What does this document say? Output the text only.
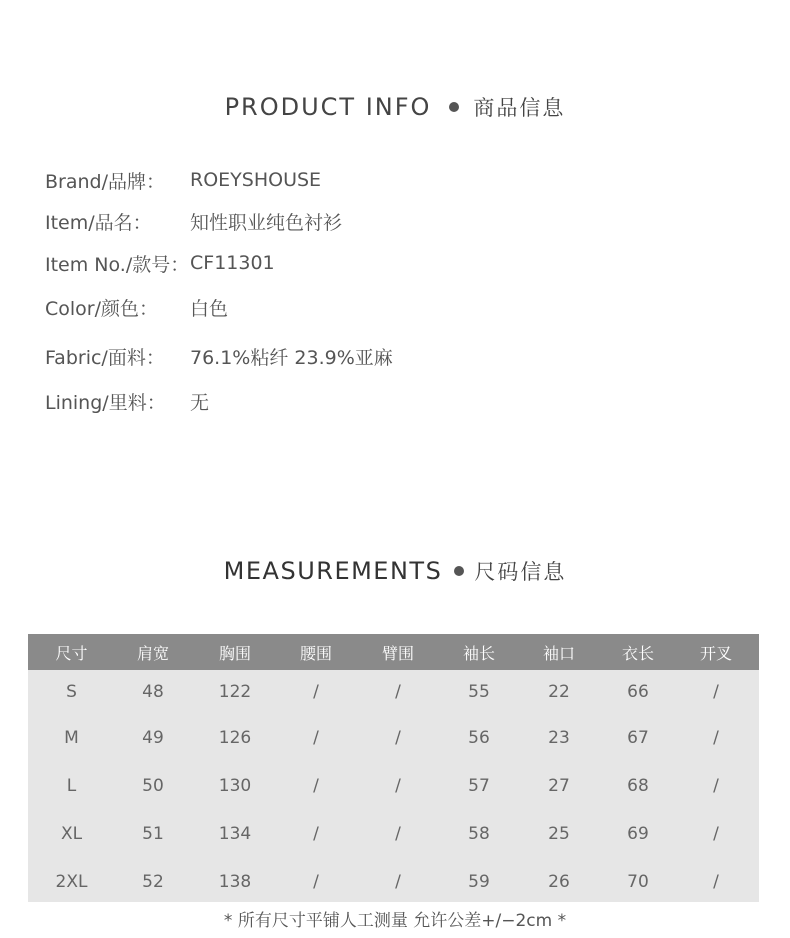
PRODUCT INFO 商品信息
Brand/品牌：	ROEYSHOUSE
Item/品名：	知性职业纯色衬衫
Item No./款号： CF11301
Color/颜色：	白色
Fabric/面料：	76.1%粘纤 23.9%亚麻
Lining/里料：	无
MEASUREMENTS 尺码信息
尺寸	肩宽	胸围	腰围	臂围	袖长	袖口	衣长	开叉
S	48	122	/	/	55	22	66	/
M	49	126	/	/	56	23	67	/
L	50	130	/	/	57	27	68	/
XL	51	134	/	/	58	25	69	/
2XL	52	138	/	/	59	26	70	/
* 所有尺寸平铺人工测量 允许公差+/−2cm *
